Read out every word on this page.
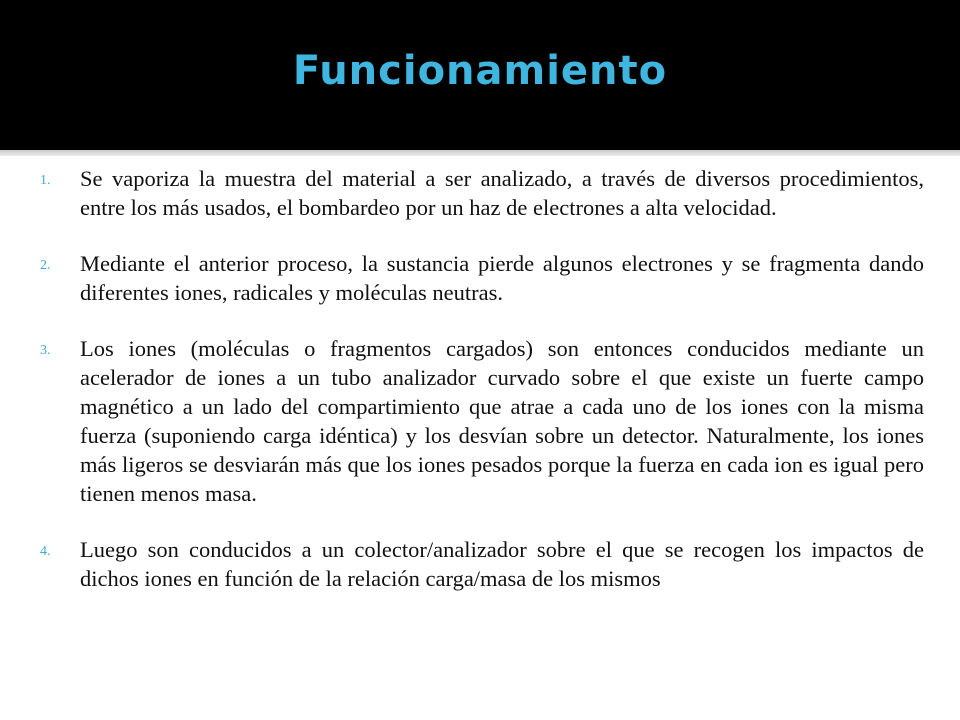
Funcionamiento
1. Se vaporiza la muestra del material a ser analizado, a través de diversos procedimientos, entre los más usados, el bombardeo por un haz de electrones a alta velocidad.
2. Mediante el anterior proceso, la sustancia pierde algunos electrones y se fragmenta dando diferentes iones, radicales y moléculas neutras.
3. Los iones (moléculas o fragmentos cargados) son entonces conducidos mediante un acelerador de iones a un tubo analizador curvado sobre el que existe un fuerte campo magnético a un lado del compartimiento que atrae a cada uno de los iones con la misma fuerza (suponiendo carga idéntica) y los desvían sobre un detector. Naturalmente, los iones más ligeros se desviarán más que los iones pesados porque la fuerza en cada ion es igual pero tienen menos masa.
4. Luego son conducidos a un colector/analizador sobre el que se recogen los impactos de dichos iones en función de la relación carga/masa de los mismos
